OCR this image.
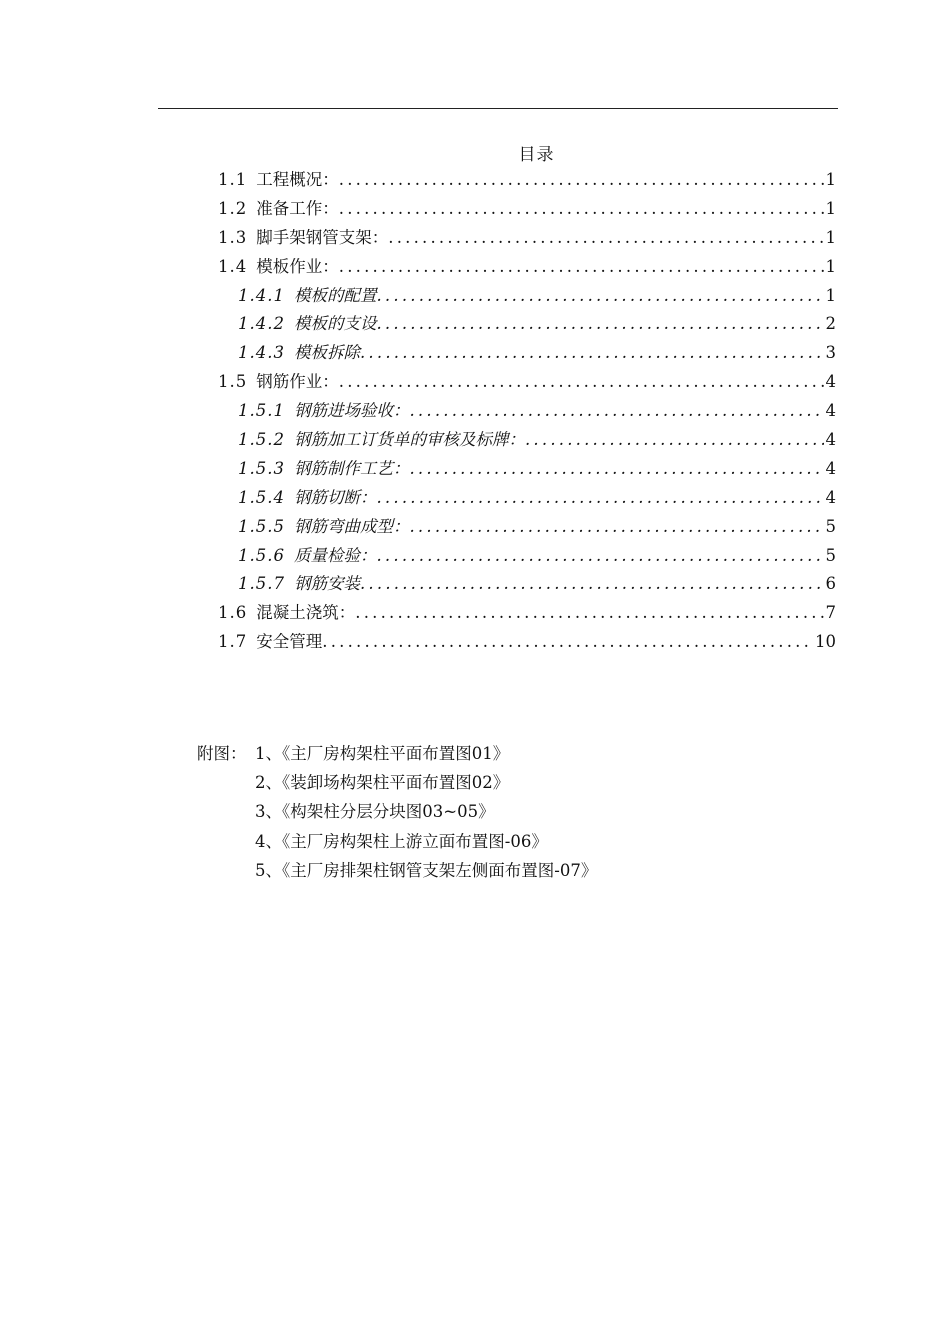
目录
1.1 工程概况： .....	1
1.2 准备工作： .....	1
1.3 脚手架钢管支架： .....	1
1.4 模板作业： .....	1
1.4.1 模板的配置 .....	1
1.4.2 模板的支设 .....	2
1.4.3 模板拆除 .....	3
1.5 钢筋作业： .....	4
1.5.1 钢筋进场验收： .....	4
1.5.2 钢筋加工订货单的审核及标牌： .....	4
1.5.3 钢筋制作工艺： .....	4
1.5.4 钢筋切断： .....	4
1.5.5 钢筋弯曲成型： .....	5
1.5.6 质量检验： .....	5
1.5.7 钢筋安装 .....	6
1.6 混凝土浇筑： .....	7
1.7 安全管理 .....	10
附图： 1、《主厂房构架柱平面布置图01》
2、《装卸场构架柱平面布置图02》
3、《构架柱分层分块图03~05》
4、《主厂房构架柱上游立面布置图-06》
5、《主厂房排架柱钢管支架左侧面布置图-07》
